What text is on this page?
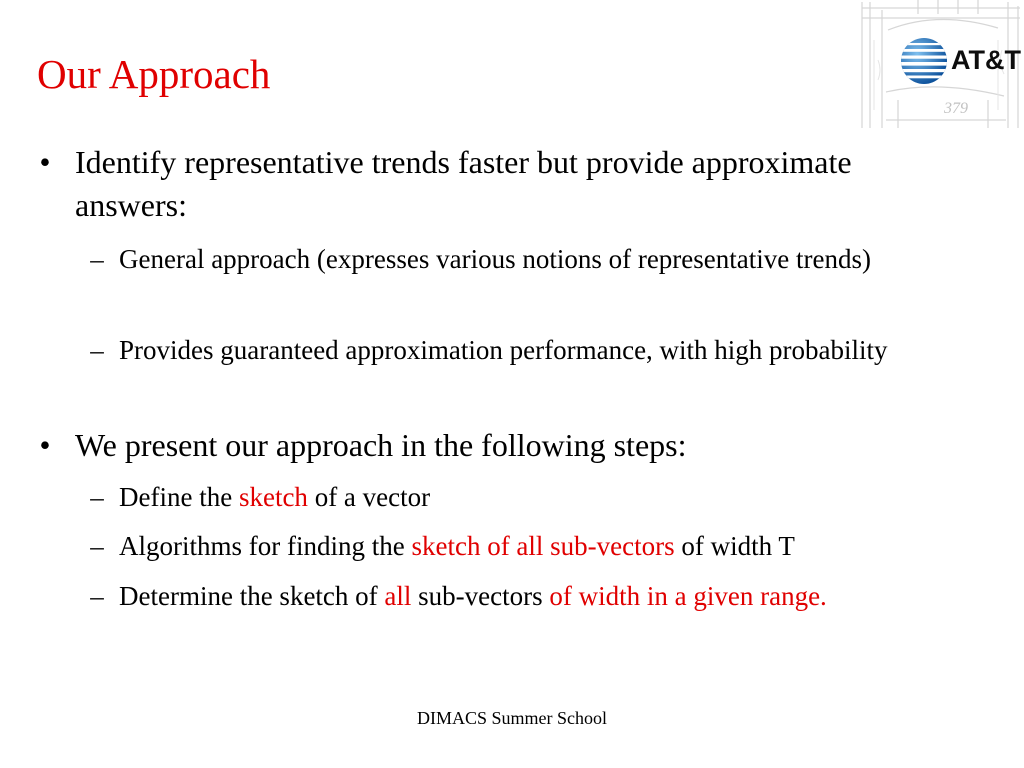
Our Approach	AT&T
379
• Identify representative trends faster but provide approximate answers:
– General approach (expresses various notions of representative trends)
– Provides guaranteed approximation performance, with high probability
• We present our approach in the following steps:
– Define the sketch of a vector
– Algorithms for finding the sketch of all sub-vectors of width T
– Determine the sketch of all sub-vectors of width in a given range.
DIMACS Summer School
